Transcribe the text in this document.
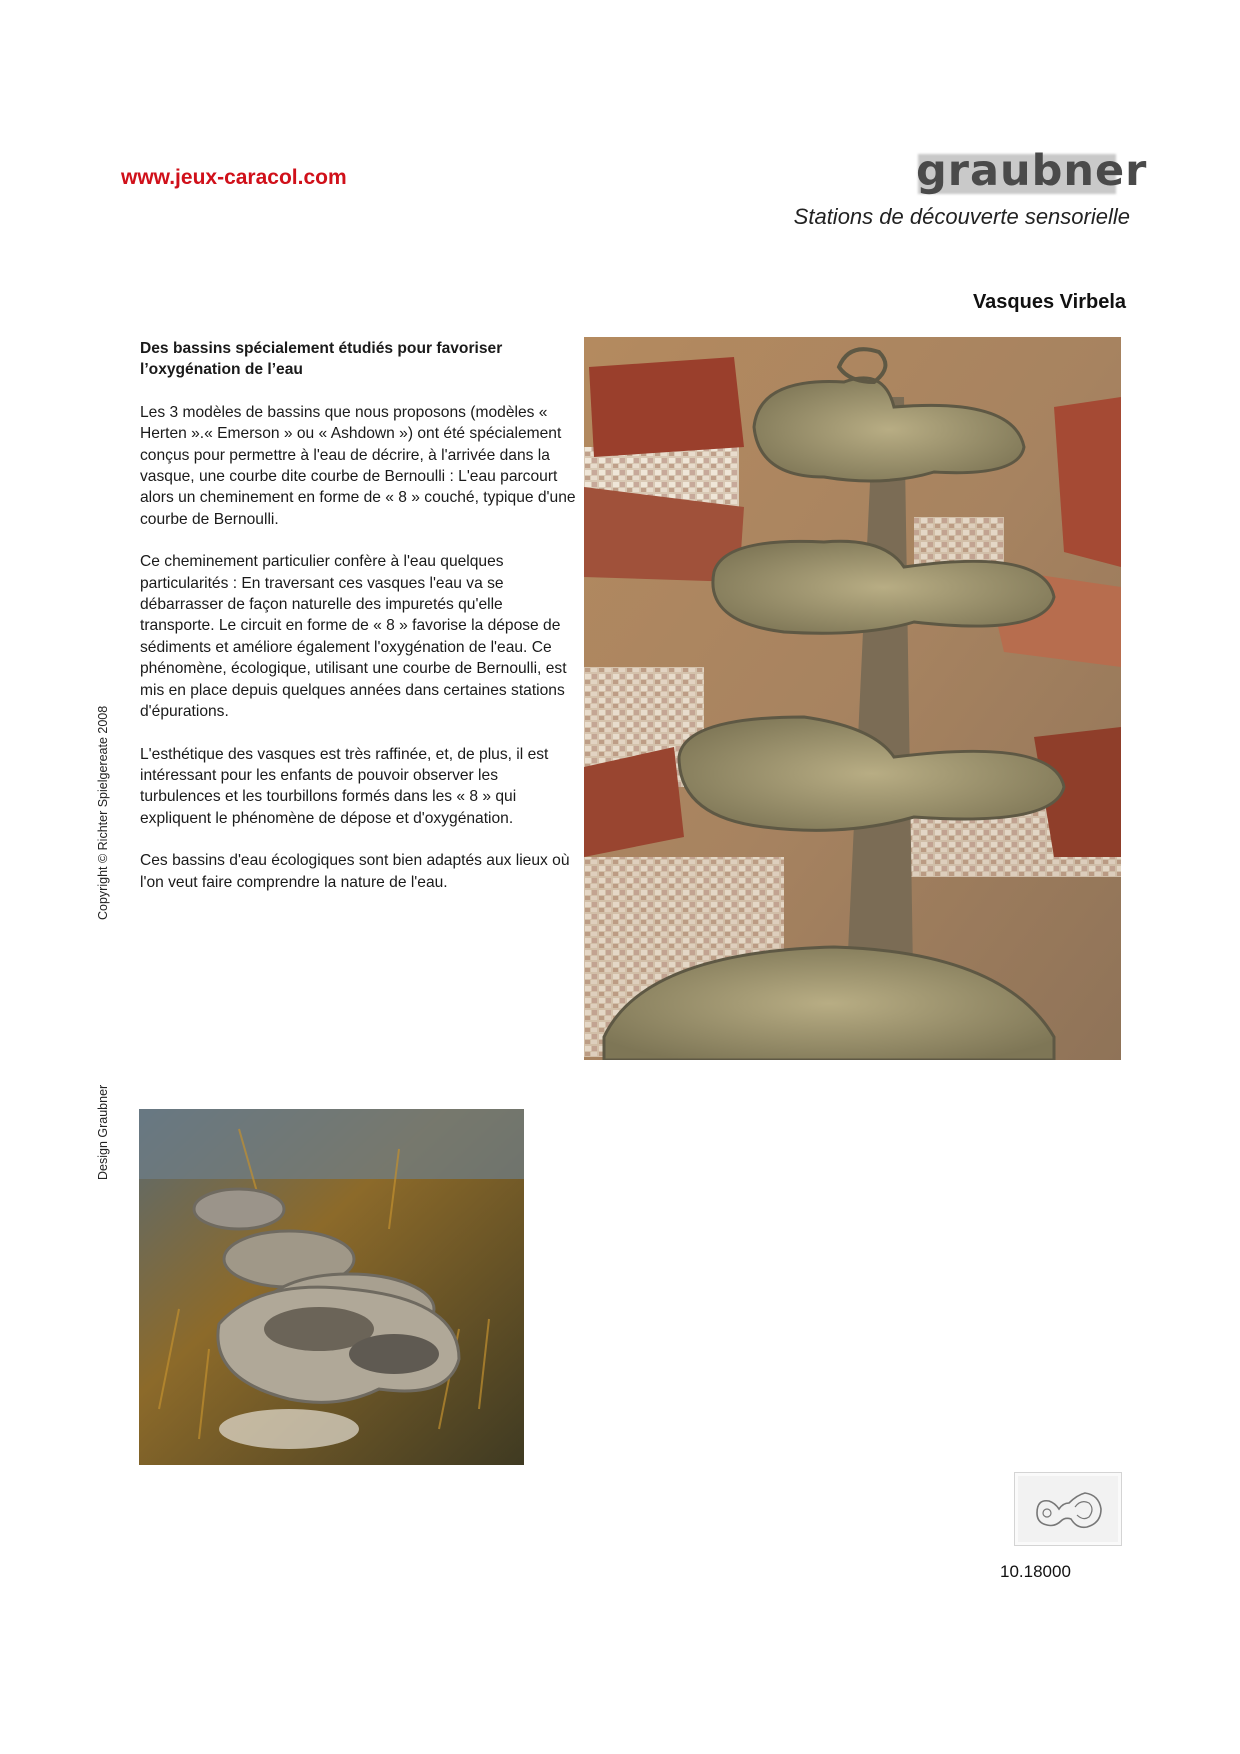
www.jeux-caracol.com	graubner
Stations de découverte sensorielle
Vasques Virbela

Des bassins spécialement étudiés pour favoriser l’oxygénation de l’eau

Les 3 modèles de bassins que nous proposons (modèles « Herten ».« Emerson » ou « Ashdown ») ont été spécialement conçus pour permettre à l'eau de décrire, à l'arrivée dans la vasque, une courbe dite courbe de Bernoulli : L'eau parcourt alors un cheminement en forme de « 8 » couché, typique d'une courbe de Bernoulli.

Ce cheminement particulier confère à l'eau quelques particularités : En traversant ces vasques l'eau va se débarrasser de façon naturelle des impuretés qu'elle transporte. Le circuit en forme de « 8 » favorise la dépose de sédiments et améliore également l'oxygénation de l'eau. Ce phénomène, écologique, utilisant une courbe de Bernoulli, est mis en place depuis quelques années dans certaines stations d'épurations.

L'esthétique des vasques est très raffinée, et, de plus, il est intéressant pour les enfants de pouvoir observer les turbulences et les tourbillons formés dans les « 8 » qui expliquent le phénomène de dépose et d'oxygénation.

Ces bassins d'eau écologiques sont bien adaptés aux lieux où l'on veut faire comprendre la nature de l'eau.

Copyright © Richter Spielgereate 2008
Design Graubner
10.18000
